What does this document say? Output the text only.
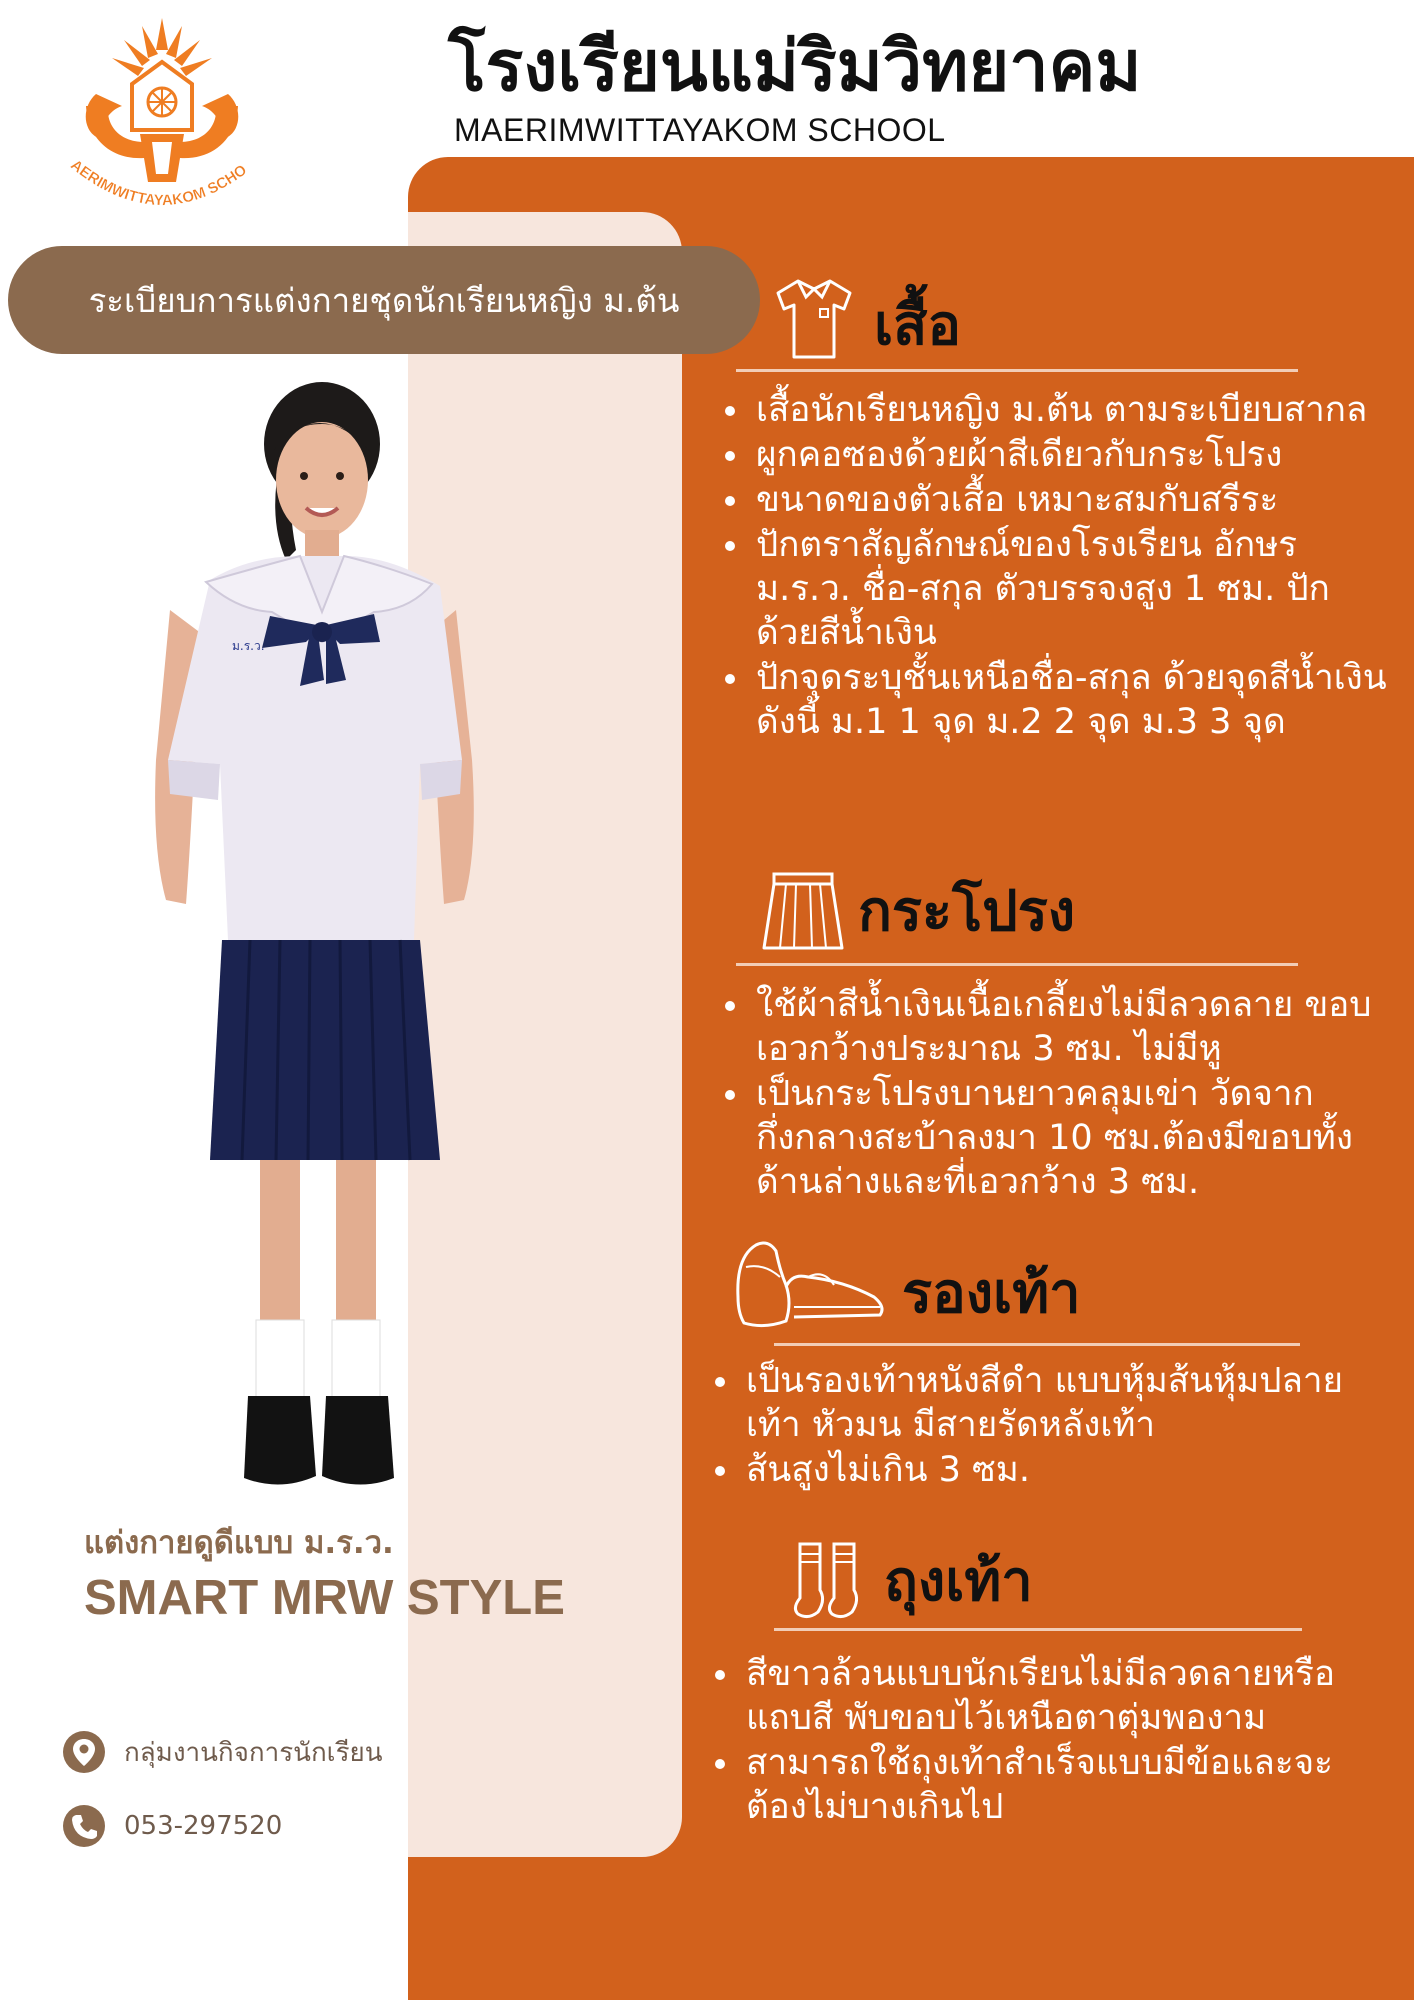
AERIMWITTAYAKOM SCHO
โรงเรียนแม่ริมวิทยาคม
MAERIMWITTAYAKOM SCHOOL
ระเบียบการแต่งกายชุดนักเรียนหญิง ม.ต้น
ม.ร.ว.
แต่งกายดูดีแบบ ม.ร.ว.
SMART MRW STYLE
กลุ่มงานกิจการนักเรียน
053-297520
เสื้อ
• เสื้อนักเรียนหญิง ม.ต้น ตามระเบียบสากล
• ผูกคอซองด้วยผ้าสีเดียวกับกระโปรง
• ขนาดของตัวเสื้อ เหมาะสมกับสรีระ
• ปักตราสัญลักษณ์ของโรงเรียน อักษร ม.ร.ว. ชื่อ-สกุล ตัวบรรจงสูง 1 ซม. ปักด้วยสีน้ำเงิน
• ปักจุดระบุชั้นเหนือชื่อ-สกุล ด้วยจุดสีน้ำเงิน ดังนี้ ม.1 1 จุด ม.2 2 จุด ม.3 3 จุด
กระโปรง
• ใช้ผ้าสีน้ำเงินเนื้อเกลี้ยงไม่มีลวดลาย ขอบเอวกว้างประมาณ 3 ซม. ไม่มีหู
• เป็นกระโปรงบานยาวคลุมเข่า วัดจากกึ่งกลางสะบ้าลงมา 10 ซม.ต้องมีขอบทั้งด้านล่างและที่เอวกว้าง 3 ซม.
รองเท้า
• เป็นรองเท้าหนังสีดำ แบบหุ้มส้นหุ้มปลายเท้า หัวมน มีสายรัดหลังเท้า
• ส้นสูงไม่เกิน 3 ซม.
ถุงเท้า
• สีขาวล้วนแบบนักเรียนไม่มีลวดลายหรือแถบสี พับขอบไว้เหนือตาตุ่มพองาม
• สามารถใช้ถุงเท้าสำเร็จแบบมีข้อและจะต้องไม่บางเกินไป
